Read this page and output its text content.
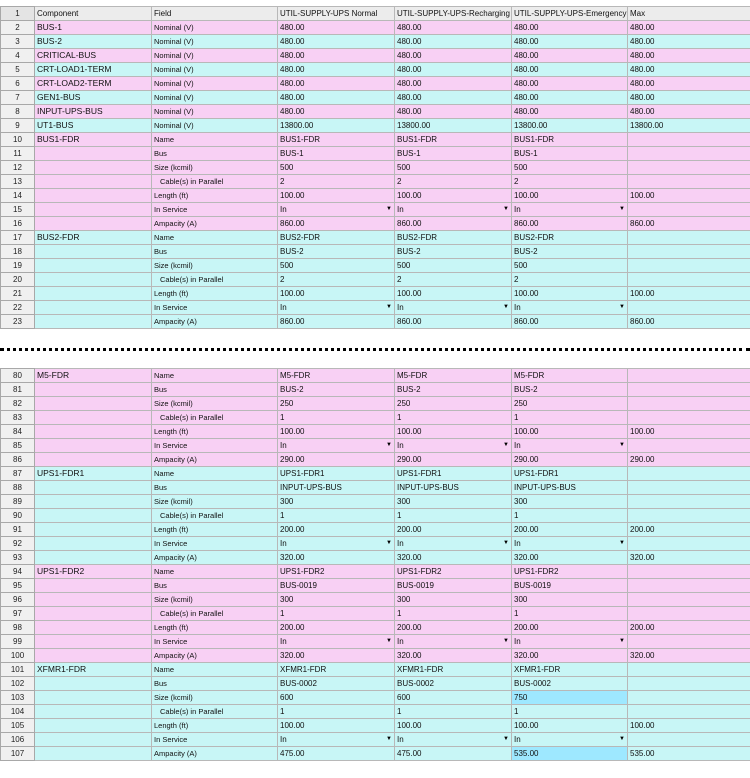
1	Component	Field	UTIL-SUPPLY-UPS Normal	UTIL-SUPPLY-UPS-Recharging	UTIL-SUPPLY-UPS-Emergency	Max
2	BUS-1	Nominal (V)	480.00	480.00	480.00	480.00
3	BUS-2	Nominal (V)	480.00	480.00	480.00	480.00
4	CRITICAL-BUS	Nominal (V)	480.00	480.00	480.00	480.00
5	CRT-LOAD1-TERM	Nominal (V)	480.00	480.00	480.00	480.00
6	CRT-LOAD2-TERM	Nominal (V)	480.00	480.00	480.00	480.00
7	GEN1-BUS	Nominal (V)	480.00	480.00	480.00	480.00
8	INPUT-UPS-BUS	Nominal (V)	480.00	480.00	480.00	480.00
9	UT1-BUS	Nominal (V)	13800.00	13800.00	13800.00	13800.00
10	BUS1-FDR	Name	BUS1-FDR	BUS1-FDR	BUS1-FDR	
11		Bus	BUS-1	BUS-1	BUS-1	
12		Size (kcmil)	500	500	500	
13		Cable(s) in Parallel	2	2	2	
14		Length (ft)	100.00	100.00	100.00	100.00
15		In Service	In ▼	In ▼	In ▼	

16		Ampacity (A)	860.00	860.00	860.00	860.00
17	BUS2-FDR	Name	BUS2-FDR	BUS2-FDR	BUS2-FDR	
18		Bus	BUS-2	BUS-2	BUS-2	
19		Size (kcmil)	500	500	500	
20		Cable(s) in Parallel	2	2	2	
21		Length (ft)	100.00	100.00	100.00	100.00
22		In Service	In ▼	In ▼	In ▼	

23		Ampacity (A)	860.00	860.00	860.00	860.00
80	M5-FDR	Name	M5-FDR	M5-FDR	M5-FDR	
81		Bus	BUS-2	BUS-2	BUS-2	
82		Size (kcmil)	250	250	250	
83		Cable(s) in Parallel	1	1	1	
84		Length (ft)	100.00	100.00	100.00	100.00
85		In Service	In ▼	In ▼	In ▼	

86		Ampacity (A)	290.00	290.00	290.00	290.00
87	UPS1-FDR1	Name	UPS1-FDR1	UPS1-FDR1	UPS1-FDR1	
88		Bus	INPUT-UPS-BUS	INPUT-UPS-BUS	INPUT-UPS-BUS	
89		Size (kcmil)	300	300	300	
90		Cable(s) in Parallel	1	1	1	
91		Length (ft)	200.00	200.00	200.00	200.00
92		In Service	In ▼	In ▼	In ▼	

93		Ampacity (A)	320.00	320.00	320.00	320.00
94	UPS1-FDR2	Name	UPS1-FDR2	UPS1-FDR2	UPS1-FDR2	
95		Bus	BUS-0019	BUS-0019	BUS-0019	
96		Size (kcmil)	300	300	300	
97		Cable(s) in Parallel	1	1	1	
98		Length (ft)	200.00	200.00	200.00	200.00
99		In Service	In ▼	In ▼	In ▼	

100		Ampacity (A)	320.00	320.00	320.00	320.00
101	XFMR1-FDR	Name	XFMR1-FDR	XFMR1-FDR	XFMR1-FDR	
102		Bus	BUS-0002	BUS-0002	BUS-0002	
103		Size (kcmil)	600	600	750	
104		Cable(s) in Parallel	1	1	1	
105		Length (ft)	100.00	100.00	100.00	100.00
106		In Service	In ▼	In ▼	In ▼	

107		Ampacity (A)	475.00	475.00	535.00	535.00
